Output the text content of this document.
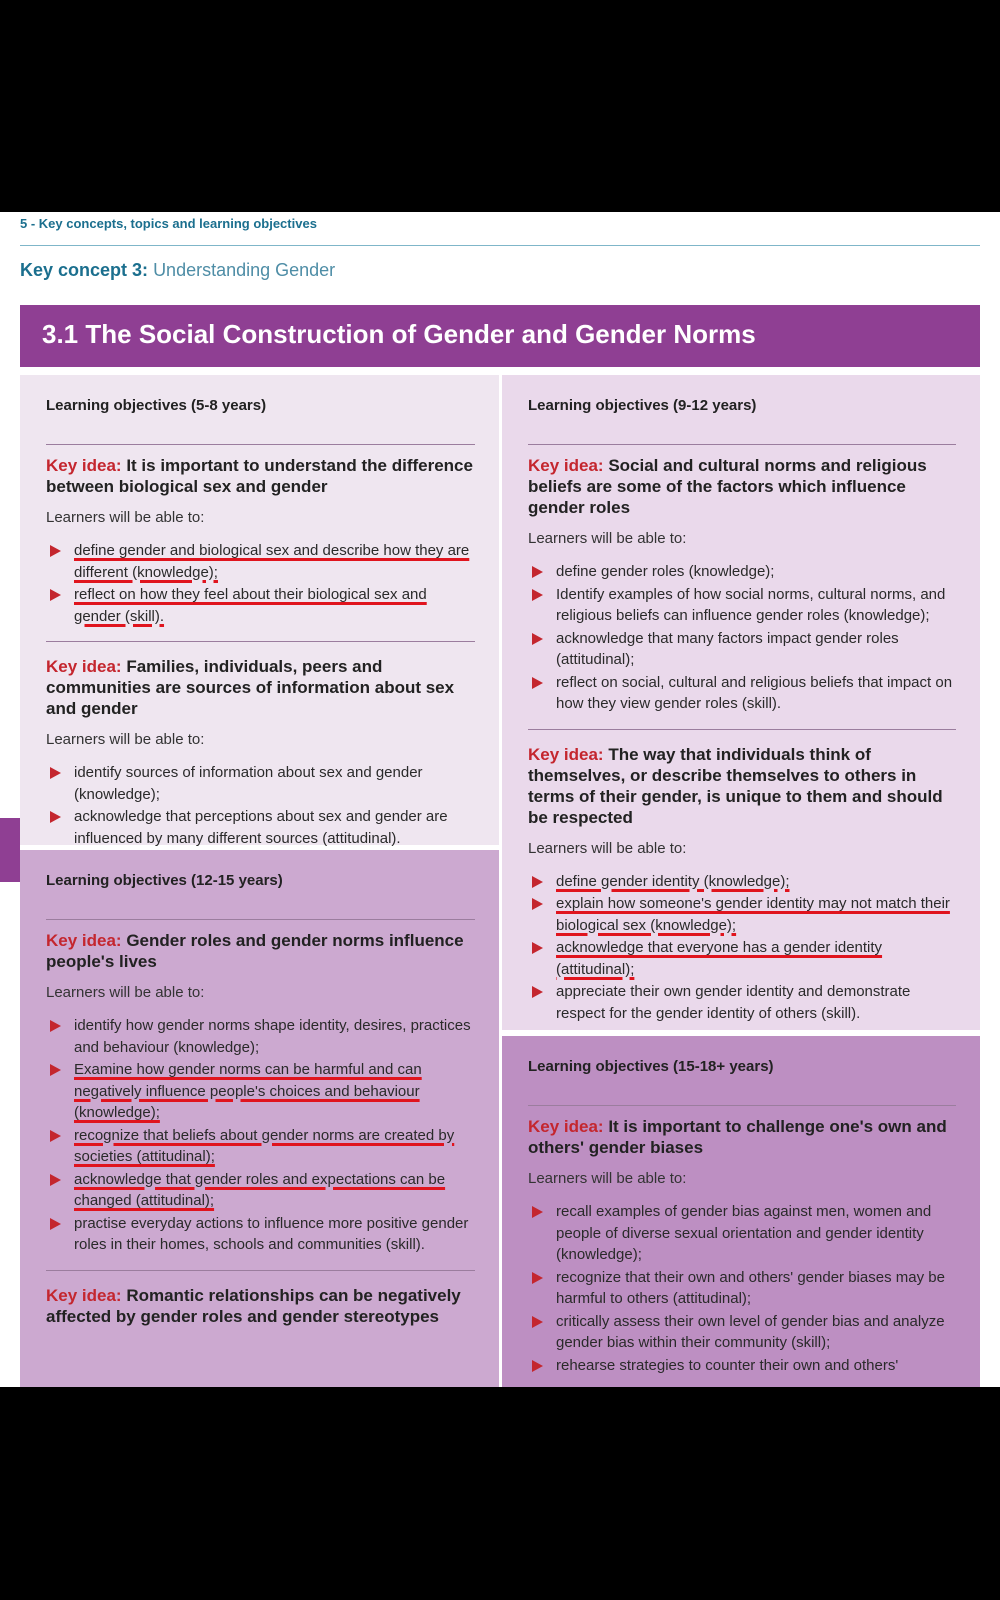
5 - Key concepts, topics and learning objectives
Key concept 3: Understanding Gender
3.1 The Social Construction of Gender and Gender Norms
Learning objectives (5-8 years)
Key idea: It is important to understand the difference between biological sex and gender
Learners will be able to:
define gender and biological sex and describe how they are different (knowledge);
reflect on how they feel about their biological sex and gender (skill).
Key idea: Families, individuals, peers and communities are sources of information about sex and gender
Learners will be able to:
identify sources of information about sex and gender (knowledge);
acknowledge that perceptions about sex and gender are influenced by many different sources (attitudinal).
Learning objectives (9-12 years)
Key idea: Social and cultural norms and religious beliefs are some of the factors which influence gender roles
Learners will be able to:
define gender roles (knowledge);
Identify examples of how social norms, cultural norms, and religious beliefs can influence gender roles (knowledge);
acknowledge that many factors impact gender roles (attitudinal);
reflect on social, cultural and religious beliefs that impact on how they view gender roles (skill).
Key idea: The way that individuals think of themselves, or describe themselves to others in terms of their gender, is unique to them and should be respected
Learners will be able to:
define gender identity (knowledge);
explain how someone's gender identity may not match their biological sex (knowledge);
acknowledge that everyone has a gender identity (attitudinal);
appreciate their own gender identity and demonstrate respect for the gender identity of others (skill).
Learning objectives (12-15 years)
Key idea: Gender roles and gender norms influence people's lives
Learners will be able to:
identify how gender norms shape identity, desires, practices and behaviour (knowledge);
Examine how gender norms can be harmful and can negatively influence people's choices and behaviour (knowledge);
recognize that beliefs about gender norms are created by societies (attitudinal);
acknowledge that gender roles and expectations can be changed (attitudinal);
practise everyday actions to influence more positive gender roles in their homes, schools and communities (skill).
Key idea: Romantic relationships can be negatively affected by gender roles and gender stereotypes
Learning objectives (15-18+ years)
Key idea: It is important to challenge one's own and others' gender biases
Learners will be able to:
recall examples of gender bias against men, women and people of diverse sexual orientation and gender identity (knowledge);
recognize that their own and others' gender biases may be harmful to others (attitudinal);
critically assess their own level of gender bias and analyze gender bias within their community (skill);
rehearse strategies to counter their own and others'
